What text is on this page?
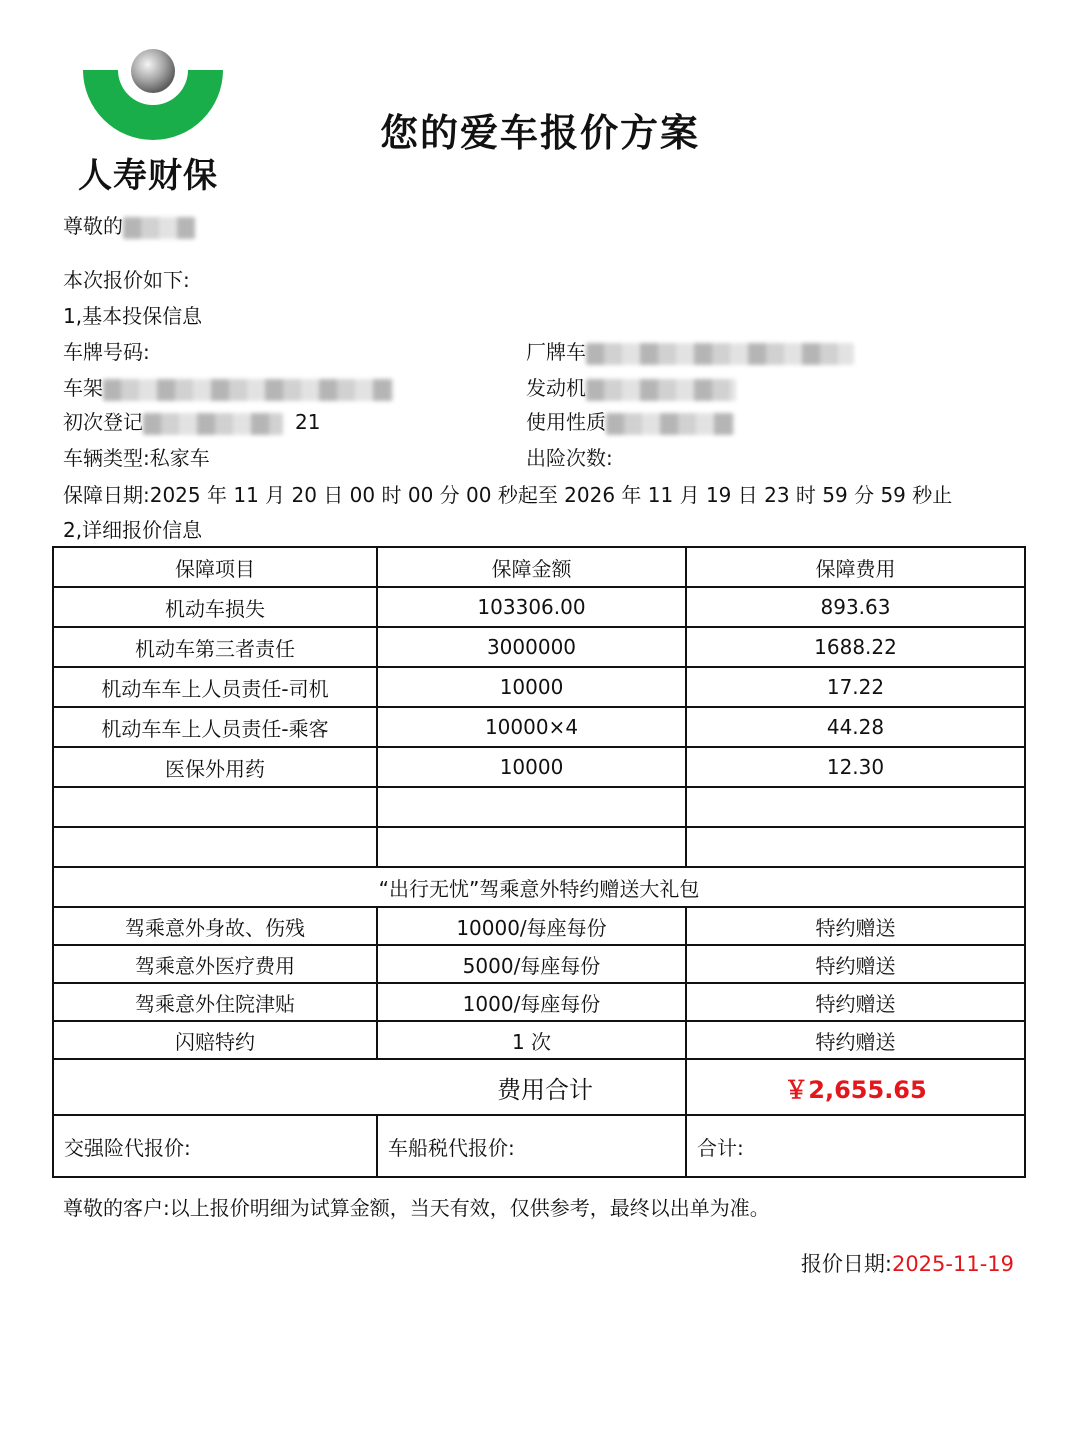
人寿财保
您的爱车报价方案
尊敬的
本次报价如下:
1,基本投保信息
车牌号码:	厂牌车
车架	发动机
初次登记	21	使用性质
车辆类型:私家车	出险次数:
保障日期:2025 年 11 月 20 日 00 时 00 分 00 秒起至 2026 年 11 月 19 日 23 时 59 分 59 秒止
2,详细报价信息
保障项目	保障金额	保障费用
机动车损失	103306.00	893.63
机动车第三者责任	3000000	1688.22
机动车车上人员责任-司机	10000	17.22
机动车车上人员责任-乘客	10000×4	44.28
医保外用药	10000	12.30

“出行无忧”驾乘意外特约赠送大礼包		
驾乘意外身故、伤残	10000/每座每份	特约赠送
驾乘意外医疗费用	5000/每座每份	特约赠送
驾乘意外住院津贴	1000/每座每份	特约赠送
闪赔特约	1 次	特约赠送
费用合计		￥2,655.65
交强险代报价:	车船税代报价:	合计:
尊敬的客户:以上报价明细为试算金额，当天有效，仅供参考，最终以出单为准。
报价日期:2025-11-19
